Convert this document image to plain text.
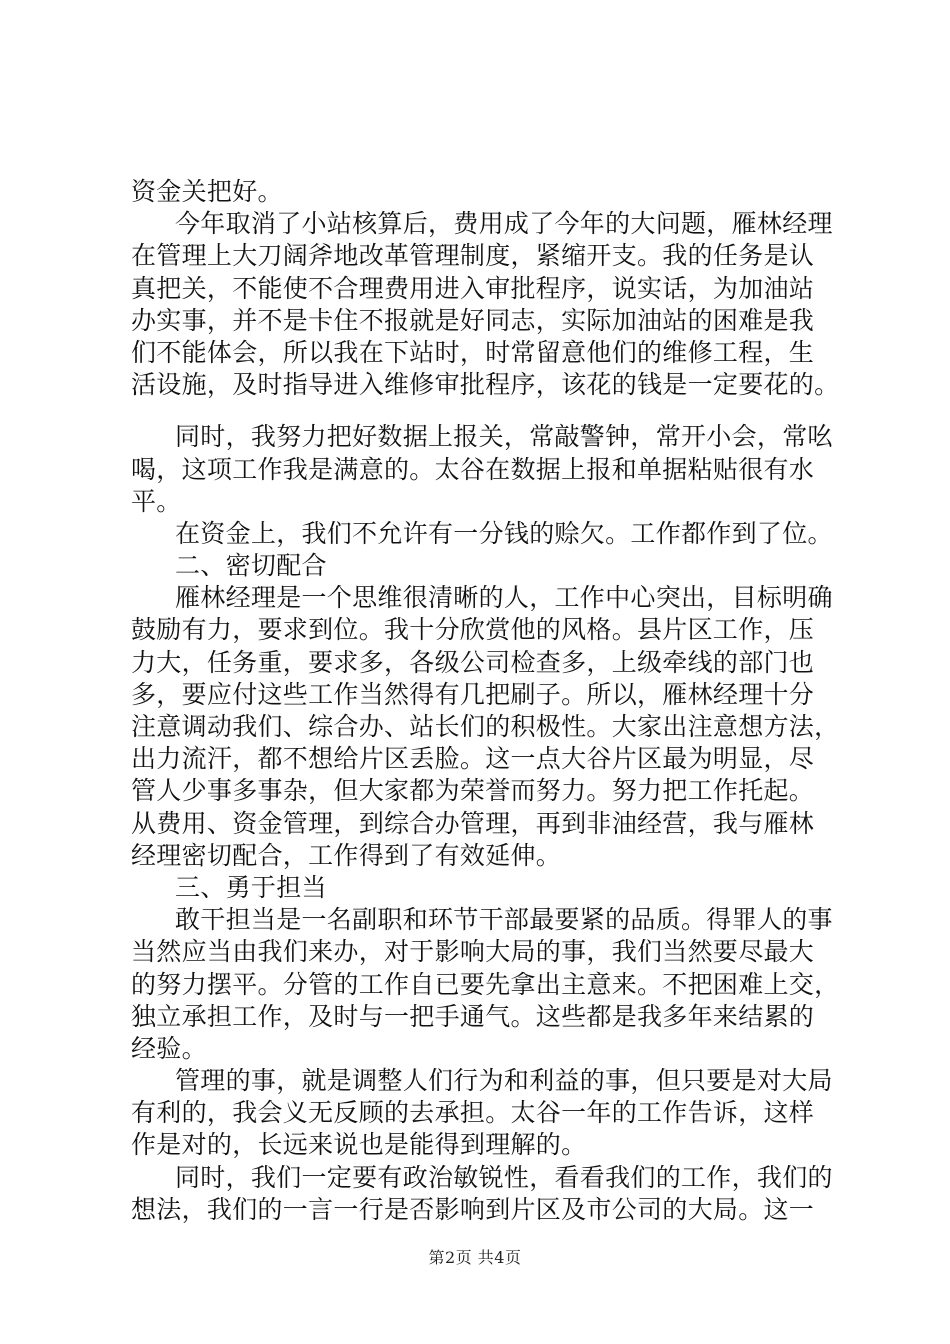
资金关把好。
今年取消了小站核算后，费用成了今年的大问题，雁林经理
在管理上大刀阔斧地改革管理制度，紧缩开支。我的任务是认
真把关，不能使不合理费用进入审批程序，说实话，为加油站
办实事，并不是卡住不报就是好同志，实际加油站的困难是我
们不能体会，所以我在下站时，时常留意他们的维修工程，生
活设施，及时指导进入维修审批程序，该花的钱是一定要花的。
同时，我努力把好数据上报关，常敲警钟，常开小会，常吆
喝，这项工作我是满意的。太谷在数据上报和单据粘贴很有水
平。
在资金上，我们不允许有一分钱的赊欠。工作都作到了位。
二、密切配合
雁林经理是一个思维很清晰的人，工作中心突出，目标明确
鼓励有力，要求到位。我十分欣赏他的风格。县片区工作，压
力大，任务重，要求多，各级公司检查多，上级牵线的部门也
多，要应付这些工作当然得有几把刷子。所以，雁林经理十分
注意调动我们、综合办、站长们的积极性。大家出注意想方法，
出力流汗，都不想给片区丢脸。这一点大谷片区最为明显，尽
管人少事多事杂，但大家都为荣誉而努力。努力把工作托起。
从费用、资金管理，到综合办管理，再到非油经营，我与雁林
经理密切配合，工作得到了有效延伸。
三、勇于担当
敢干担当是一名副职和环节干部最要紧的品质。得罪人的事
当然应当由我们来办，对于影响大局的事，我们当然要尽最大
的努力摆平。分管的工作自已要先拿出主意来。不把困难上交，
独立承担工作，及时与一把手通气。这些都是我多年来结累的
经验。
管理的事，就是调整人们行为和利益的事，但只要是对大局
有利的，我会义无反顾的去承担。太谷一年的工作告诉，这样
作是对的，长远来说也是能得到理解的。
同时，我们一定要有政治敏锐性，看看我们的工作，我们的
想法，我们的一言一行是否影响到片区及市公司的大局。这一
第2页 共4页
